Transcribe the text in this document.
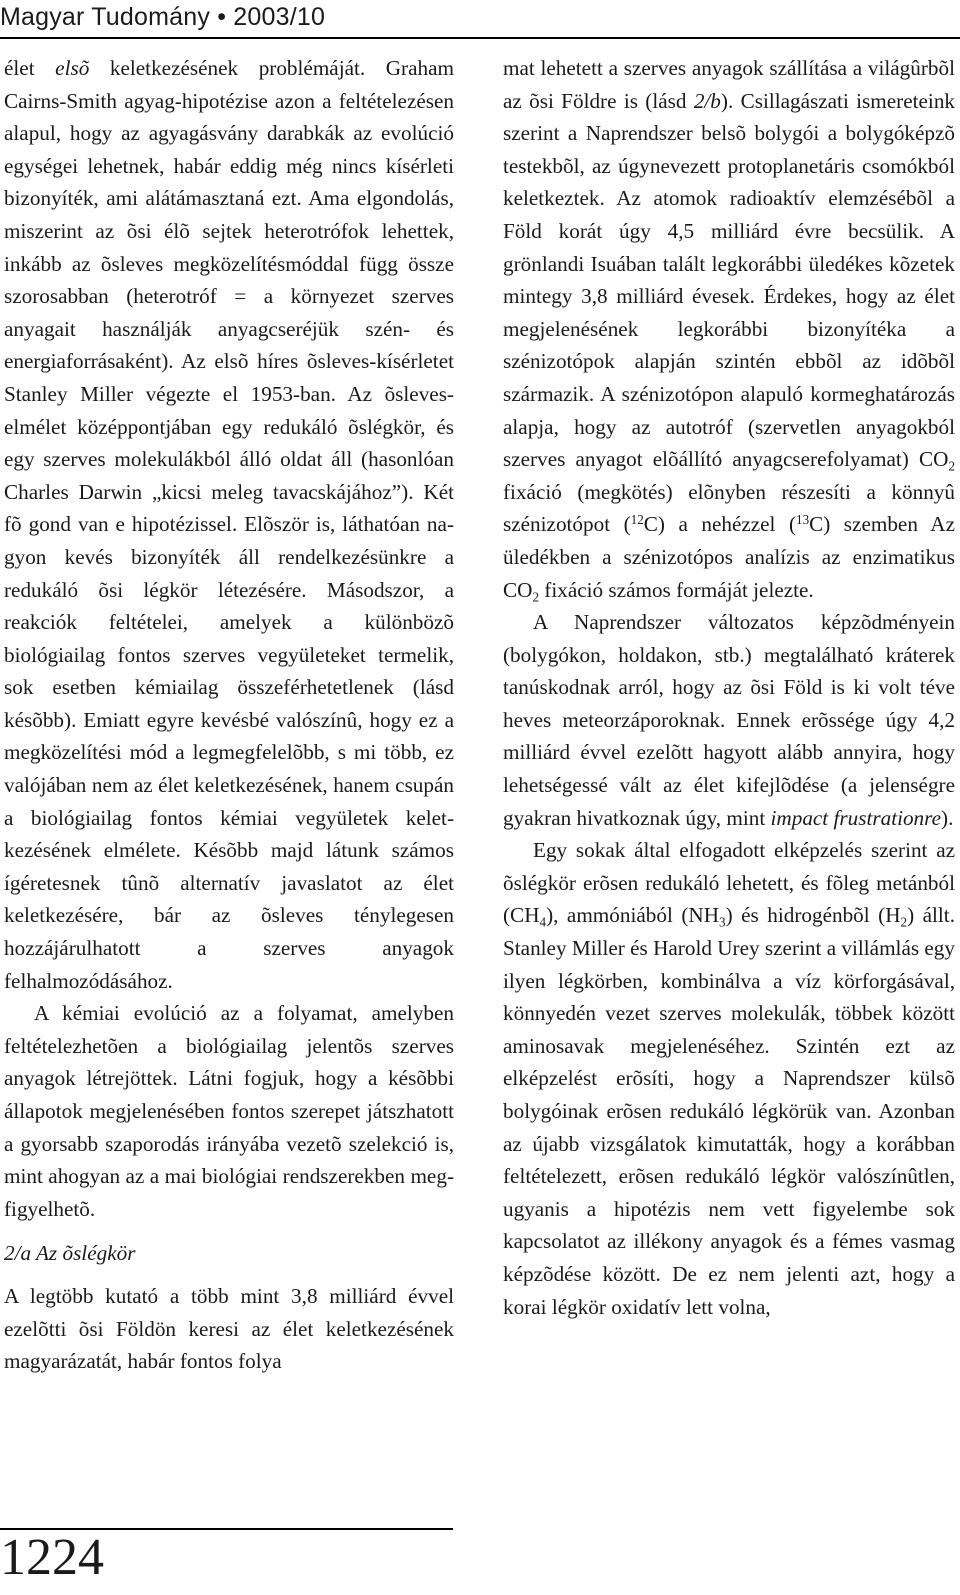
Magyar Tudomány • 2003/10

élet elsõ keletkezésének problémáját. Graham Cairns-Smith agyag-hipotézise azon a feltételezésen alapul, hogy az agyagásvány darabkák az evolúció egységei lehetnek, habár eddig még nincs kísérleti bizonyíték, ami alátámasztaná ezt. Ama elgondolás, miszerint az õsi élõ sejtek heterotrófok lehettek, inkább az õsleves megközelítésmóddal függ össze szorosabban (heterotróf = a környezet szerves anyagait használják anyagcseréjük szén- és energiaforrásaként). Az elsõ híres õsleves-kísérletet Stanley Miller végezte el 1953-ban. Az õsleves-elmélet középpontjában egy redukáló õslégkör, és egy szerves molekulákból álló oldat áll (hasonlóan Charles Darwin „kicsi meleg tavacskájához”). Két fõ gond van e hipotézissel. Elõször is, láthatóan nagyon kevés bizonyíték áll rendelkezésünkre a redukáló õsi légkör létezésére. Másodszor, a reakciók feltételei, amelyek a különbözõ biológiailag fontos szerves vegyületeket termelik, sok esetben kémiailag összeférhetetlenek (lásd késõbb). Emiatt egyre kevésbé valószínû, hogy ez a megközelítési mód a legmegfelelõbb, s mi több, ez valójában nem az élet keletkezésének, hanem csupán a biológiailag fontos kémiai vegyületek keletkezésének elmélete. Késõbb majd látunk számos ígéretesnek tûnõ alternatív javaslatot az élet keletkezésére, bár az õsleves ténylegesen hozzájárulhatott a szerves anyagok felhalmozódásához.

A kémiai evolúció az a folyamat, amelyben feltételezhetõen a biológiailag jelentõs szerves anyagok létrejöttek. Látni fogjuk, hogy a késõbbi állapotok megjelenésében fontos szerepet játszhatott a gyorsabb szaporodás irányába vezetõ szelekció is, mint ahogyan az a mai biológiai rendszerekben megfigyelhetõ.

2/a Az õslégkör

A legtöbb kutató a több mint 3,8 milliárd évvel ezelõtti õsi Földön keresi az élet keletkezésének magyarázatát, habár fontos folya

mat lehetett a szerves anyagok szállítása a világûrbõl az õsi Földre is (lásd 2/b). Csillagászati ismereteink szerint a Naprendszer belsõ bolygói a bolygóképzõ testekbõl, az úgynevezett protoplanetáris csomókból keletkeztek. Az atomok radioaktív elemzésébõl a Föld korát úgy 4,5 milliárd évre becsülik. A grönlandi Isuában talált legkorábbi üledékes kõzetek mintegy 3,8 milliárd évesek. Érdekes, hogy az élet megjelenésének legkorábbi bizonyítéka a szénizotópok alapján szintén ebbõl az idõbõl származik. A szénizotópon alapuló kormeghatározás alapja, hogy az autotróf (szervetlen anyagokból szerves anyagot elõállító anyagcserefolyamat) $CO_2$ fixáció (megkötés) elõnyben részesíti a könnyû szénizotópot ($^{12}$C) a nehézzel ($^{13}$C) szemben Az üledékben a szénizotópos analízis az enzimatikus $CO_2$ fixáció számos formáját jelezte.

A Naprendszer változatos képzõdményein (bolygókon, holdakon, stb.) megtalálható kráterek tanúskodnak arról, hogy az õsi Föld is ki volt téve heves meteorzáporoknak. Ennek erõssége úgy 4,2 milliárd évvel ezelõtt hagyott alább annyira, hogy lehetségessé vált az élet kifejlõdése (a jelenségre gyakran hivatkoznak úgy, mint impact frustrationre).

Egy sokak által elfogadott elképzelés szerint az õslégkör erõsen redukáló lehetett, és fõleg metánból $(CH_4)$, ammóniából $(NH_3)$ és hidrogénbõl $(H_2)$ állt. Stanley Miller és Harold Urey szerint a villámlás egy ilyen légkörben, kombinálva a víz körforgásával, könnyedén vezet szerves molekulák, többek között aminosavak megjelenéséhez. Szintén ezt az elképzelést erõsíti, hogy a Naprendszer külsõ bolygóinak erõsen redukáló légkörük van. Azonban az újabb vizsgálatok kimutatták, hogy a korábban feltételezett, erõsen redukáló légkör valószínûtlen, ugyanis a hipotézis nem vett figyelembe sok kapcsolatot az illékony anyagok és a fémes vasmag képzõdése között. De ez nem jelenti azt, hogy a korai légkör oxidatív lett volna,

1224
